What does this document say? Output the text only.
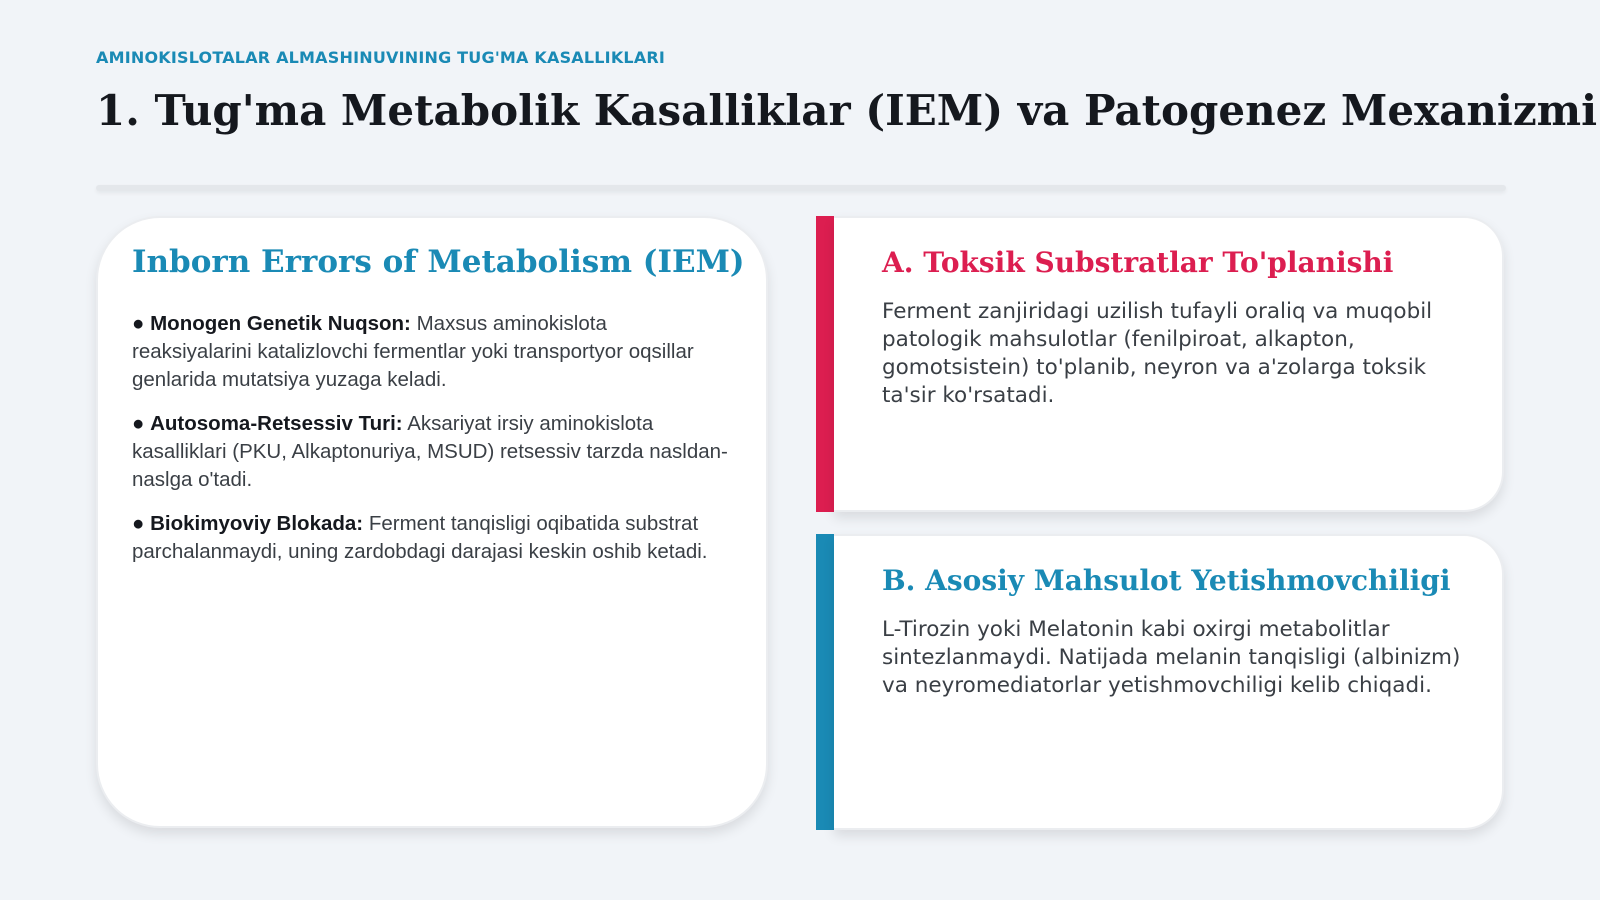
AMINOKISLOTALAR ALMASHINUVINING TUG'MA KASALLIKLARI
1. Tug'ma Metabolik Kasalliklar (IEM) va Patogenez Mexanizmi
Inborn Errors of Metabolism (IEM)
● Monogen Genetik Nuqson: Maxsus aminokislota reaksiyalarini katalizlovchi fermentlar yoki transportyor oqsillar genlarida mutatsiya yuzaga keladi.
● Autosoma-Retsessiv Turi: Aksariyat irsiy aminokislota kasalliklari (PKU, Alkaptonuriya, MSUD) retsessiv tarzda nasldan-naslga o'tadi.
● Biokimyoviy Blokada: Ferment tanqisligi oqibatida substrat parchalanmaydi, uning zardobdagi darajasi keskin oshib ketadi.
A. Toksik Substratlar To'planishi

Ferment zanjiridagi uzilish tufayli oraliq va muqobil patologik mahsulotlar (fenilpiroat, alkapton, gomotsistein) to'planib, neyron va a'zolarga toksik ta'sir ko'rsatadi.

B. Asosiy Mahsulot Yetishmovchiligi

L-Tirozin yoki Melatonin kabi oxirgi metabolitlar sintezlanmaydi. Natijada melanin tanqisligi (albinizm) va neyromediatorlar yetishmovchiligi kelib chiqadi.
